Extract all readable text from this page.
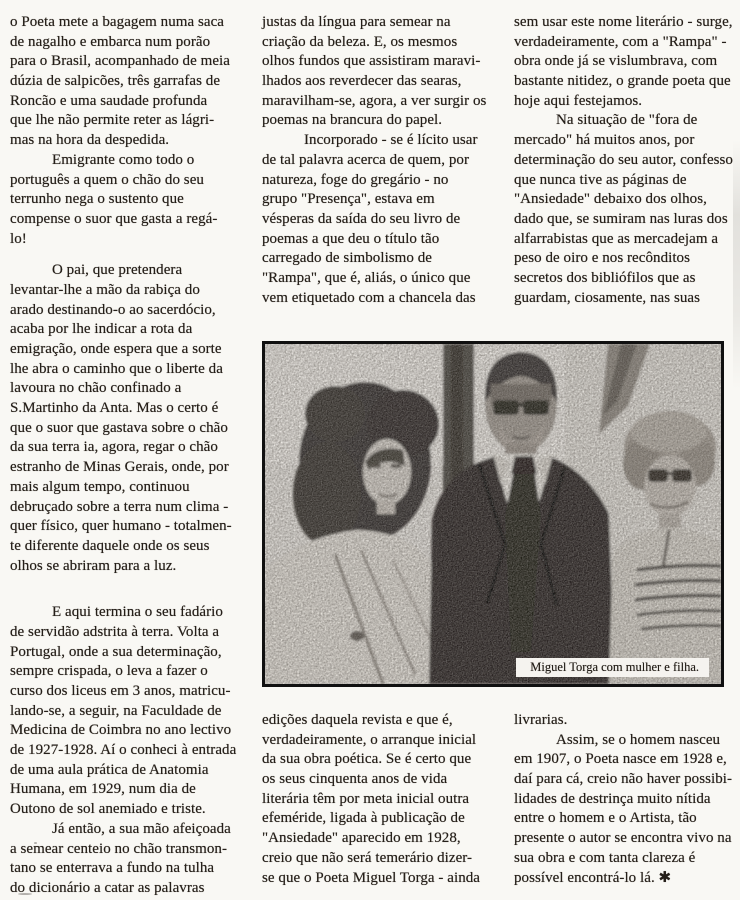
o Poeta mete a bagagem numa saca
de nagalho e embarca num porão
para o Brasil, acompanhado de meia
dúzia de salpicões, três garrafas de
Roncão e uma saudade profunda
que lhe não permite reter as lágri-
mas na hora da despedida.
Emigrante como todo o
português a quem o chão do seu
terrunho nega o sustento que
compense o suor que gasta a regá-
lo!
O pai, que pretendera
levantar-lhe a mão da rabiça do
arado destinando-o ao sacerdócio,
acaba por lhe indicar a rota da
emigração, onde espera que a sorte
lhe abra o caminho que o liberte da
lavoura no chão confinado a
S.Martinho da Anta. Mas o certo é
que o suor que gastava sobre o chão
da sua terra ia, agora, regar o chão
estranho de Minas Gerais, onde, por
mais algum tempo, continuou
debruçado sobre a terra num clima -
quer físico, quer humano - totalmen-
te diferente daquele onde os seus
olhos se abriram para a luz.
E aqui termina o seu fadário
de servidão adstrita à terra. Volta a
Portugal, onde a sua determinação,
sempre crispada, o leva a fazer o
curso dos liceus em 3 anos, matricu-
lando-se, a seguir, na Faculdade de
Medicina de Coimbra no ano lectivo
de 1927-1928. Aí o conheci à entrada
de uma aula prática de Anatomia
Humana, em 1929, num dia de
Outono de sol anemiado e triste.
Já então, a sua mão afeiçoada
a semear centeio no chão transmon-
tano se enterrava a fundo na tulha
do dicionário a catar as palavras
justas da língua para semear na
criação da beleza. E, os mesmos
olhos fundos que assistiram maravi-
lhados aos reverdecer das searas,
maravilham-se, agora, a ver surgir os
poemas na brancura do papel.
Incorporado - se é lícito usar
de tal palavra acerca de quem, por
natureza, foge do gregário - no
grupo "Presença", estava em
vésperas da saída do seu livro de
poemas a que deu o título tão
carregado de simbolismo de
"Rampa", que é, aliás, o único que
vem etiquetado com a chancela das
sem usar este nome literário - surge,
verdadeiramente, com a "Rampa" -
obra onde já se vislumbrava, com
bastante nitidez, o grande poeta que
hoje aqui festejamos.
Na situação de "fora de
mercado" há muitos anos, por
determinação do seu autor, confesso
que nunca tive as páginas de
"Ansiedade" debaixo dos olhos,
dado que, se sumiram nas luras dos
alfarrabistas que as mercadejam a
peso de oiro e nos recônditos
secretos dos bibliófilos que as
guardam, ciosamente, nas suas
Miguel Torga com mulher e filha.
edições daquela revista e que é,
verdadeiramente, o arranque inicial
da sua obra poética. Se é certo que
os seus cinquenta anos de vida
literária têm por meta inicial outra
efeméride, ligada à publicação de
"Ansiedade" aparecido em 1928,
creio que não será temerário dizer-
se que o Poeta Miguel Torga - ainda
livrarias.
Assim, se o homem nasceu
em 1907, o Poeta nasce em 1928 e,
daí para cá, creio não haver possibi-
lidades de destrinça muito nítida
entre o homem e o Artista, tão
presente o autor se encontra vivo na
sua obra e com tanta clareza é
possível encontrá-lo lá. ✱
